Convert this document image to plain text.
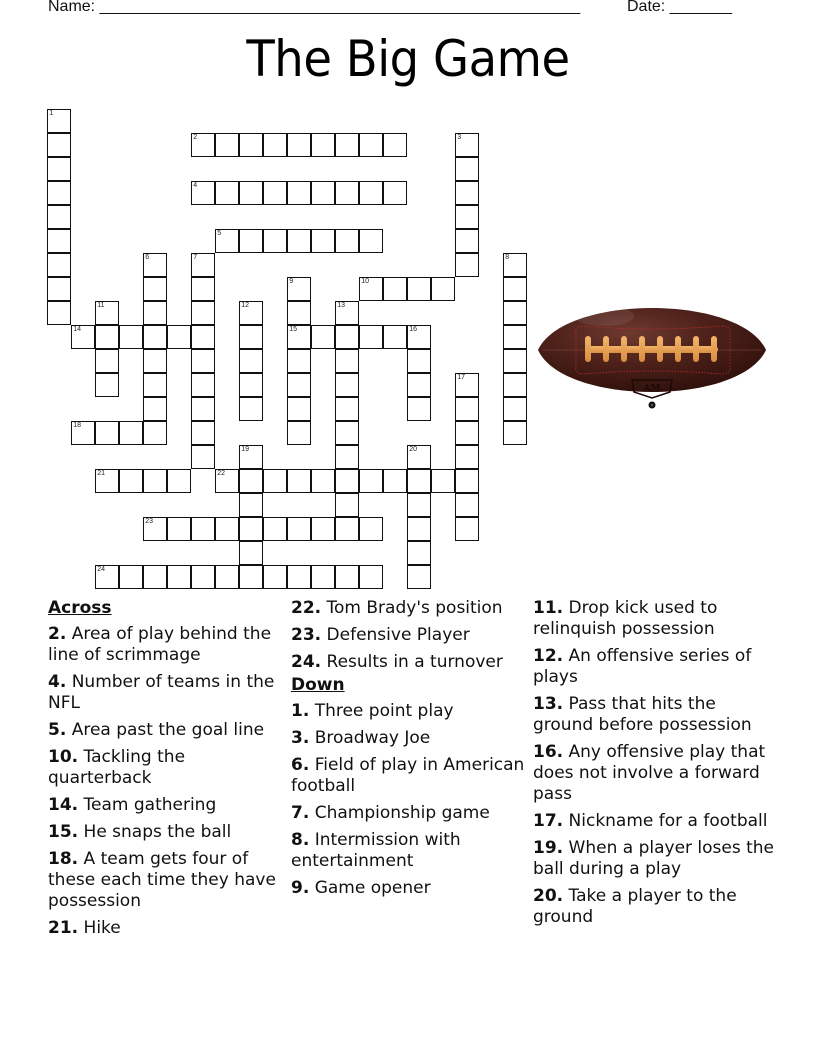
Name: ______________________________________________________	Date: _______
The Big Game
1
2	3
4
5
6	7	8
9
15
10
11	12	13
14	16
17
18
19	20
21	22
23
24
AM
Across
2. Area of play behind the line of scrimmage
4. Number of teams in the NFL
5. Area past the goal line
10. Tackling the quarterback
14. Team gathering
15. He snaps the ball
18. A team gets four of these each time they have possession
21. Hike
22. Tom Brady's position
23. Defensive Player
24. Results in a turnover
Down
1. Three point play
3. Broadway Joe
6. Field of play in American football
7. Championship game
8. Intermission with entertainment
9. Game opener
11. Drop kick used to relinquish possession
12. An offensive series of plays
13. Pass that hits the ground before possession
16. Any offensive play that does not involve a forward pass
17. Nickname for a football
19. When a player loses the ball during a play
20. Take a player to the ground
